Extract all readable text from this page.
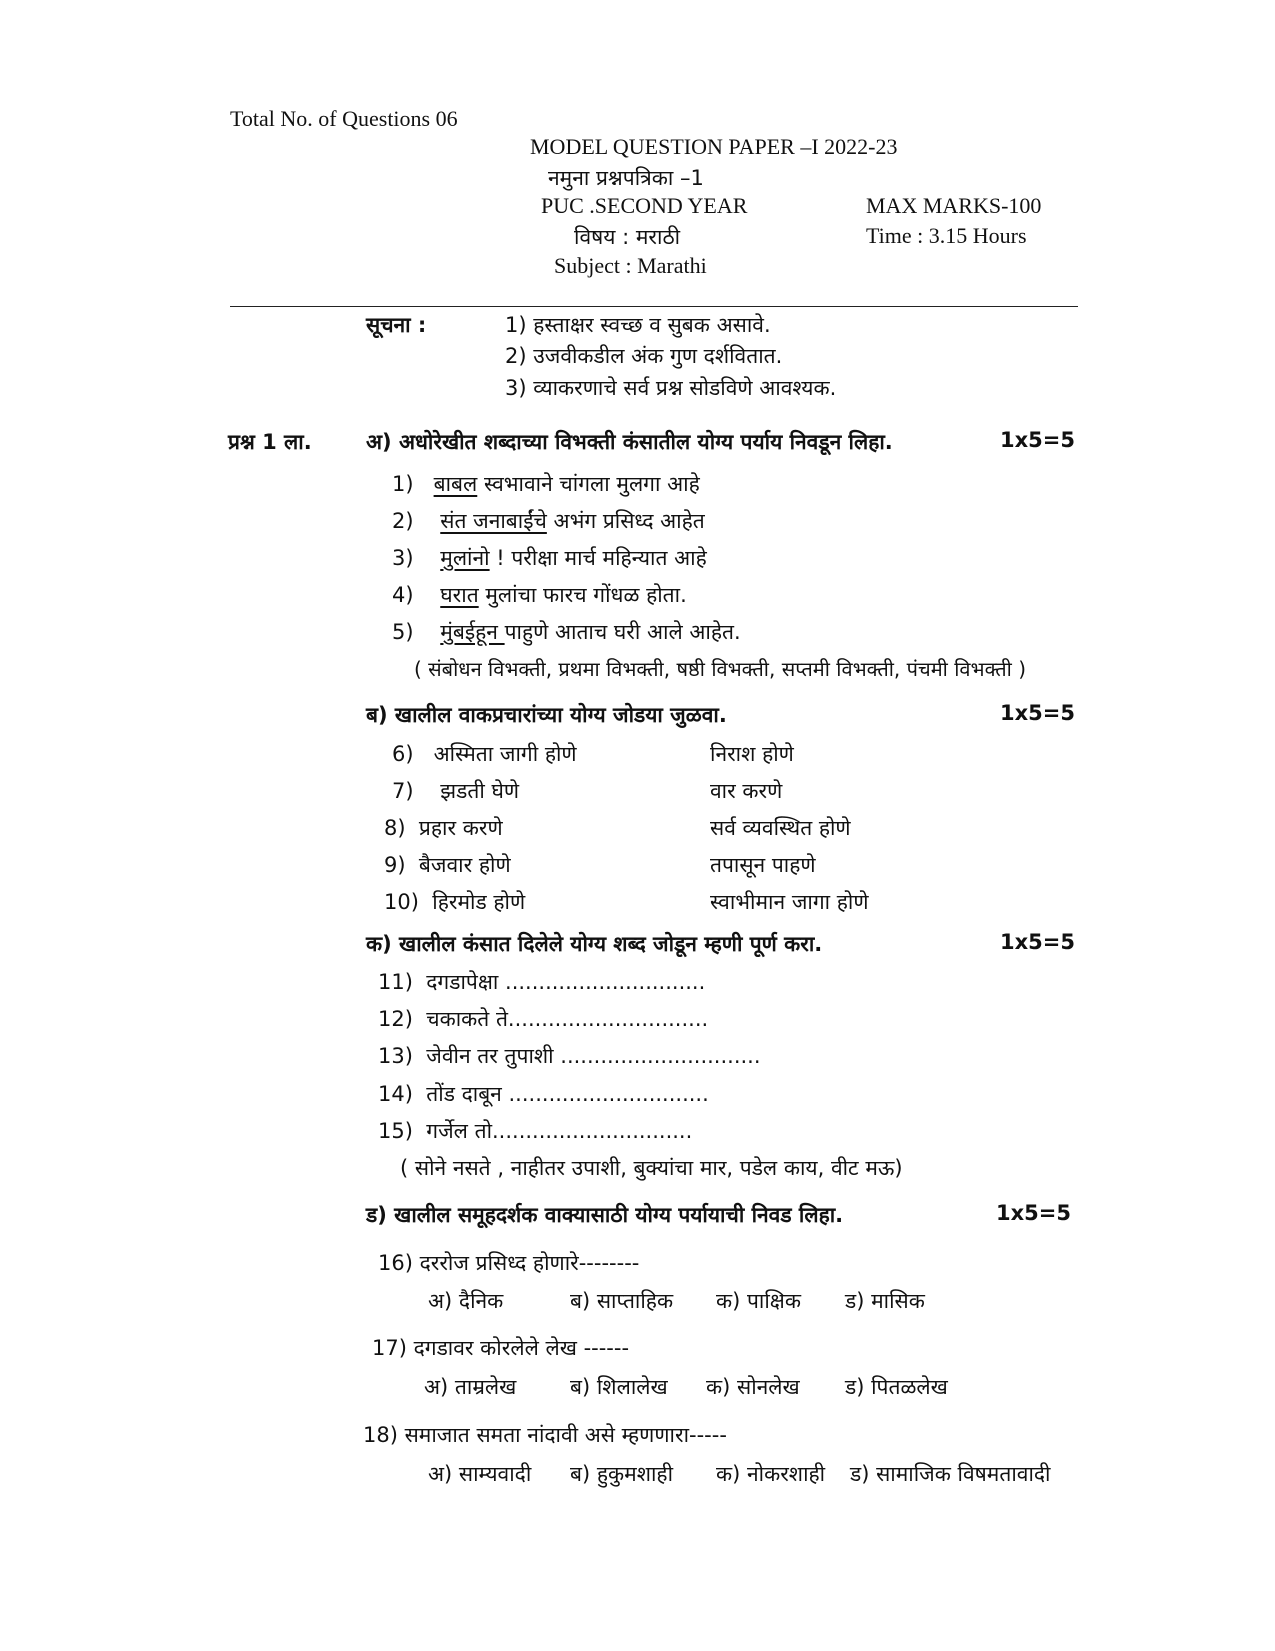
Total No. of Questions 06
MODEL QUESTION PAPER –I 2022-23
नमुना प्रश्नपत्रिका –1
PUC .SECOND YEAR	MAX MARKS-100
विषय : मराठी	Time : 3.15 Hours
Subject : Marathi
सूचना :	1) हस्ताक्षर स्वच्छ व सुबक असावे.
2) उजवीकडील अंक गुण दर्शवितात.
3) व्याकरणाचे सर्व प्रश्न सोडविणे आवश्यक.
प्रश्न 1 ला.	अ) अधोरेखीत शब्दाच्या विभक्ती कंसातील योग्य पर्याय निवडून लिहा.	1x5=5
1) बाबल स्वभावाने चांगला मुलगा आहे
2) संत जनाबाईंचे अभंग प्रसिध्द आहेत
3) मुलांनो ! परीक्षा मार्च महिन्यात आहे
4) घरात मुलांचा फारच गोंधळ होता.
5) मुंबईहून पाहुणे आताच घरी आले आहेत.
( संबोधन विभक्ती, प्रथमा विभक्ती, षष्ठी विभक्ती, सप्तमी विभक्ती, पंचमी विभक्ती )
ब) खालील वाकप्रचारांच्या योग्य जोडया जुळवा.	1x5=5
6) अस्मिता जागी होणे	निराश होणे
7) झडती घेणे	वार करणे
8) प्रहार करणे	सर्व व्यवस्थित होणे
9) बैजवार होणे	तपासून पाहणे
10) हिरमोड होणे	स्वाभीमान जागा होणे
क) खालील कंसात दिलेले योग्य शब्द जोडून म्हणी पूर्ण करा.	1x5=5
11) दगडापेक्षा ..............................
12) चकाकते ते..............................
13) जेवीन तर तुपाशी ..............................
14) तोंड दाबून ..............................
15) गर्जेल तो..............................
( सोने नसते , नाहीतर उपाशी, बुक्यांचा मार, पडेल काय, वीट मऊ)
ड) खालील समूहदर्शक वाक्यासाठी योग्य पर्यायाची निवड लिहा.	1x5=5
16) दररोज प्रसिध्द होणारे--------
अ) दैनिक	ब) साप्ताहिक क) पाक्षिक ड) मासिक
17) दगडावर कोरलेले लेख ------
अ) ताम्रलेख	ब) शिलालेख क) सोनलेख ड) पितळलेख
18) समाजात समता नांदावी असे म्हणणारा-----
अ) साम्यवादी ब) हुकुमशाही क) नोकरशाही ड) सामाजिक विषमतावादी
